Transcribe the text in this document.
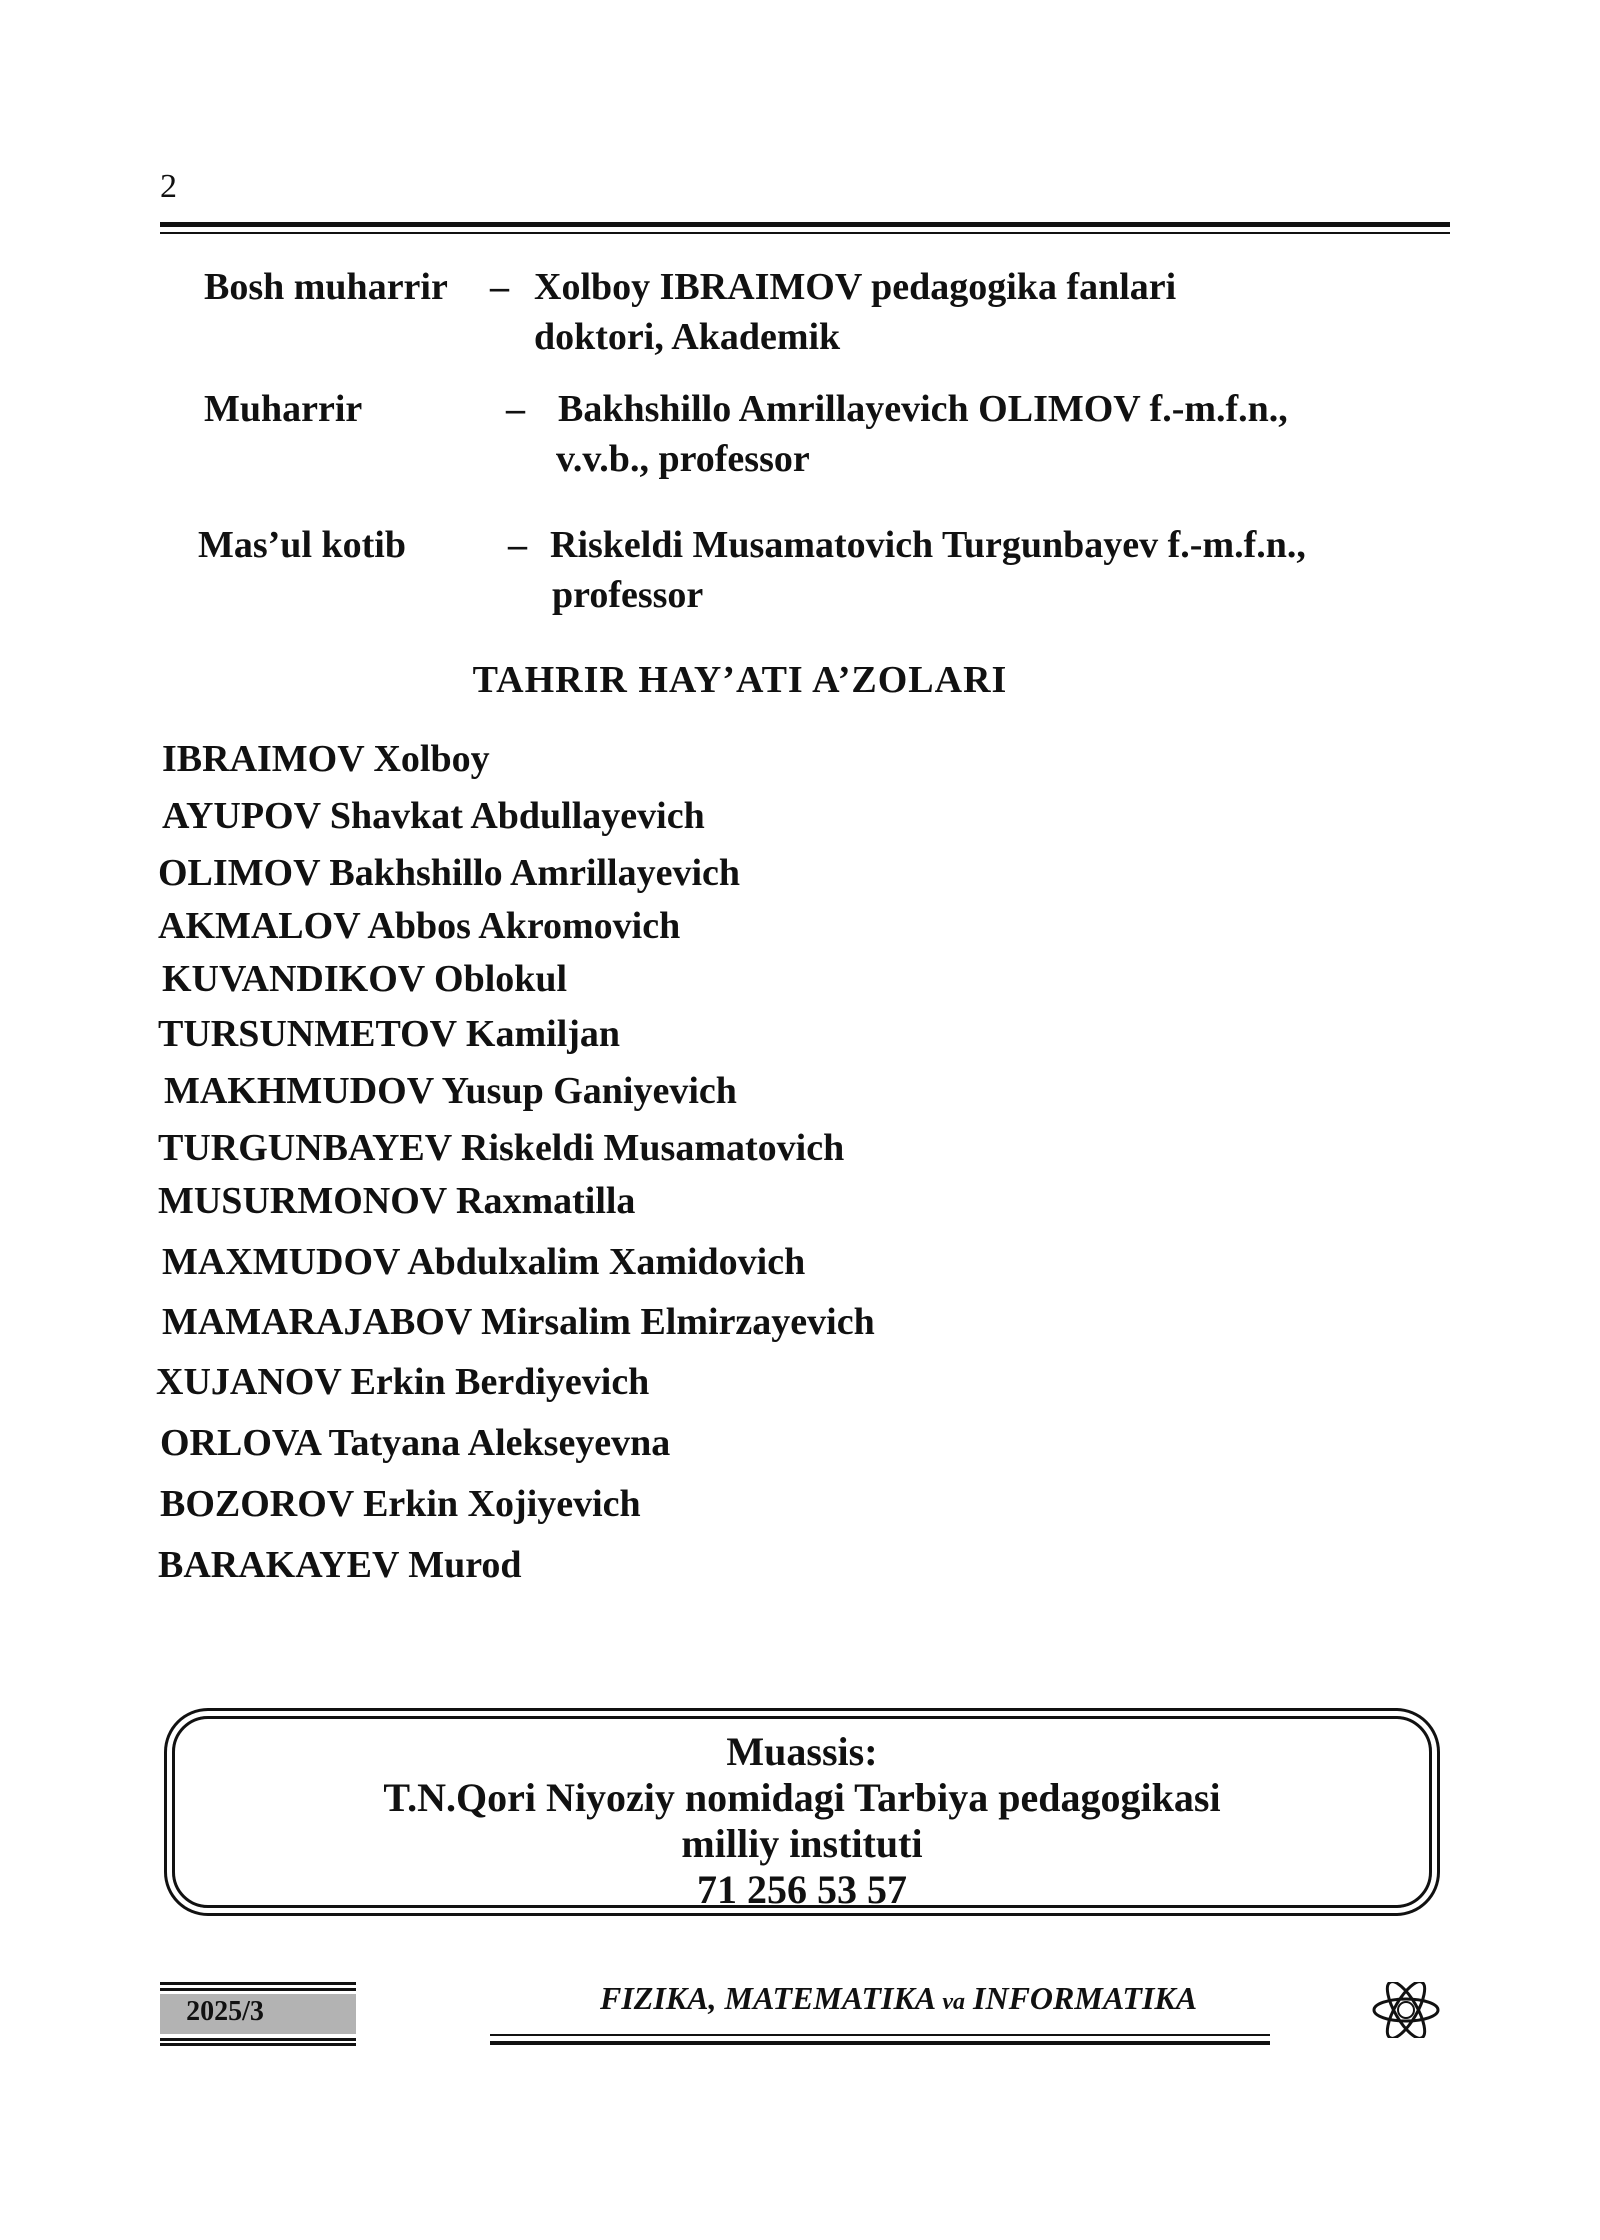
2
Bosh muharrir – Xolboy IBRAIMOV pedagogika fanlari
doktori, Akademik
Muharrir	– Bakhshillo Amrillayevich OLIMOV f.-m.f.n.,
v.v.b., professor
Mas’ul kotib	– Riskeldi Musamatovich Turgunbayev f.-m.f.n.,
professor
TAHRIR HAY’ATI A’ZOLARI
IBRAIMOV Xolboy
AYUPOV Shavkat Abdullayevich
OLIMOV Bakhshillo Amrillayevich
AKMALOV Abbos Akromovich
KUVANDIKOV Oblokul
TURSUNMETOV Kamiljan
MAKHMUDOV Yusup Ganiyevich
TURGUNBAYEV Riskeldi Musamatovich
MUSURMONOV Raxmatilla
MAXMUDOV Abdulxalim Xamidovich
MAMARAJABOV Mirsalim Elmirzayevich
XUJANOV Erkin Berdiyevich
ORLOVA Tatyana Alekseyevna
BOZOROV Erkin Xojiyevich
BARAKAYEV Murod
Muassis:
T.N.Qori Niyoziy nomidagi Tarbiya pedagogikasi
milliy instituti
71 256 53 57
2025/3	FIZIKA, MATEMATIKA va INFORMATIKA
